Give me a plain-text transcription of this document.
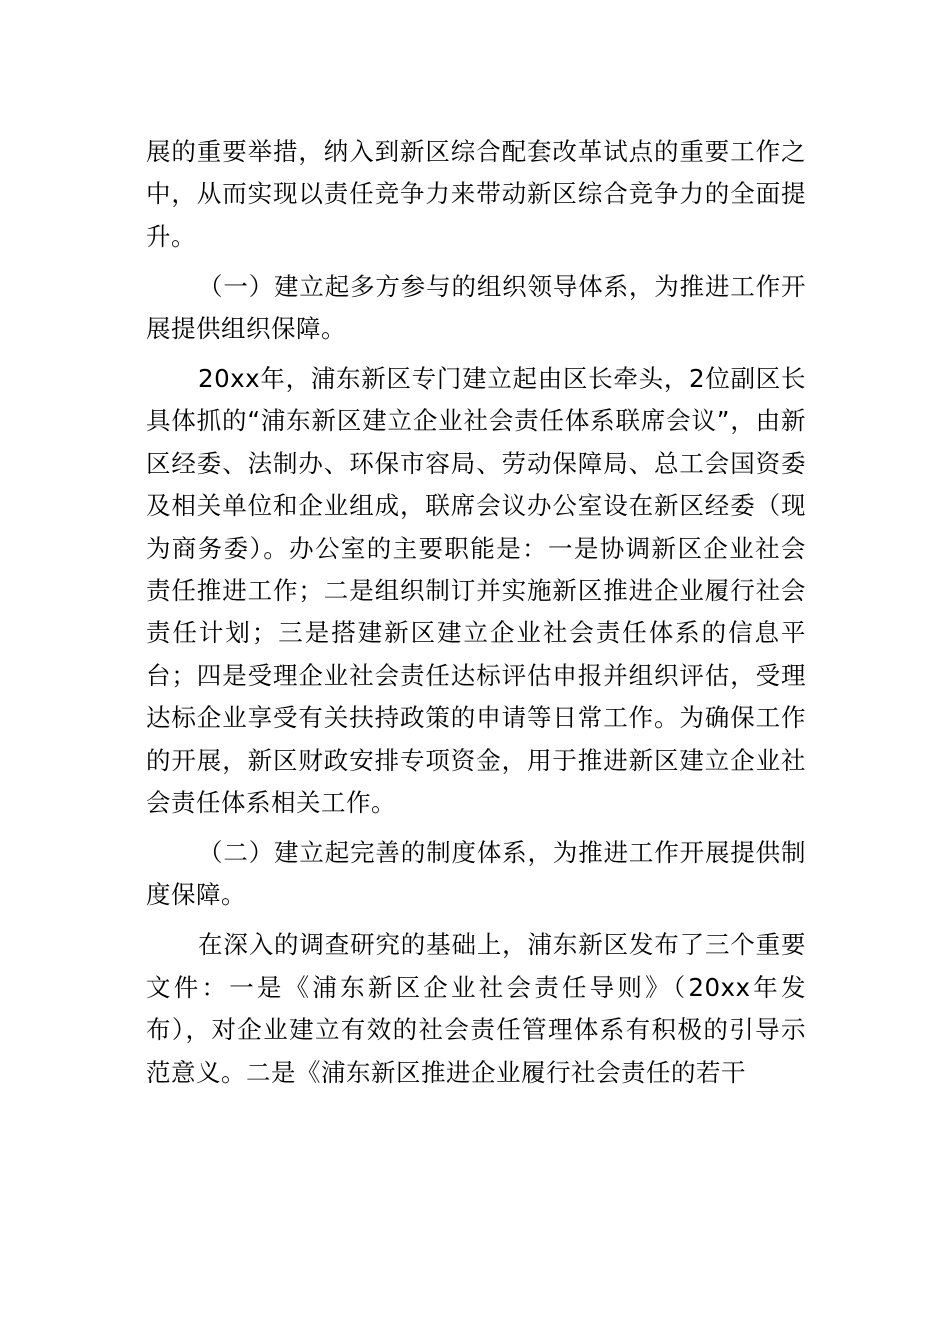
展的重要举措，纳入到新区综合配套改革试点的重要工作之中，从而实现以责任竞争力来带动新区综合竞争力的全面提升。

（一）建立起多方参与的组织领导体系，为推进工作开展提供组织保障。

20xx年，浦东新区专门建立起由区长牵头，2位副区长具体抓的“浦东新区建立企业社会责任体系联席会议”，由新区经委、法制办、环保市容局、劳动保障局、总工会国资委及相关单位和企业组成，联席会议办公室设在新区经委（现为商务委）。办公室的主要职能是：一是协调新区企业社会责任推进工作；二是组织制订并实施新区推进企业履行社会责任计划；三是搭建新区建立企业社会责任体系的信息平台；四是受理企业社会责任达标评估申报并组织评估，受理达标企业享受有关扶持政策的申请等日常工作。为确保工作的开展，新区财政安排专项资金，用于推进新区建立企业社会责任体系相关工作。

（二）建立起完善的制度体系，为推进工作开展提供制度保障。

在深入的调查研究的基础上，浦东新区发布了三个重要文件：一是《浦东新区企业社会责任导则》（20xx年发布），对企业建立有效的社会责任管理体系有积极的引导示范意义。二是《浦东新区推进企业履行社会责任的若干
